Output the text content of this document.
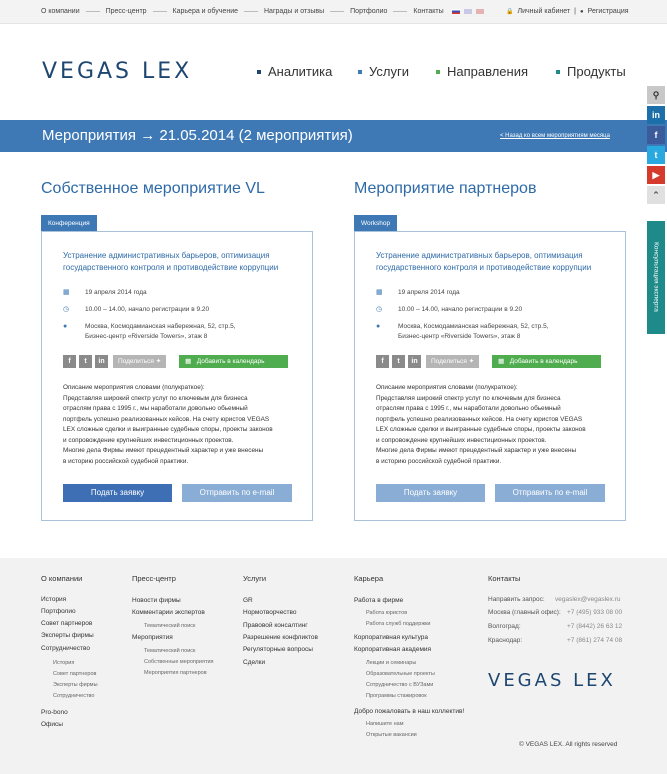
О компании	Пресс-центр	Карьера и обучение	Награды и отзывы	Портфолио	Контакты	🔒 Личный кабинет | ● Регистрация
VEGAS LEX	Аналитика	Услуги	Направления	Продукты
Мероприятия → 21.05.2014 (2 мероприятия)	< Назад ко всем мероприятиям месяца
Собственное мероприятие VL
Конференция
Устранение административных барьеров, оптимизация государственного контроля и противодействие коррупции
▦ 19 апреля 2014 года
◷ 10.00 – 14.00, начало регистрации в 9.20
●	Москва, Космодамианская набережная, 52, стр.5,
Бизнес-центр «Riverside Towers», этаж 8
f	t	in	Поделиться ✦	▦ Добавить в календарь
Описание мероприятия словами (полукраткое):
Представляя широкий спектр услуг по ключевым для бизнеса
отраслям права с 1995 г., мы наработали довольно обьемный
портфель успешно реализованных кейсов. На счету юристов VEGAS
LEX сложные сделки и выигранные судебные споры, проекты законов
и сопровождение крупнейших инвестиционных проектов.
Многие дела Фирмы имеют прецедентный характер и уже внесены
в историю российской судебной практики.
Подать заявку	Отправить по e-mail
Мероприятие партнеров
Workshop
Устранение административных барьеров, оптимизация государственного контроля и противодействие коррупции
▦ 19 апреля 2014 года
◷ 10.00 – 14.00, начало регистрации в 9.20
●	Москва, Космодамианская набережная, 52, стр.5,
Бизнес-центр «Riverside Towers», этаж 8
f	t	in	Поделиться ✦	▦ Добавить в календарь
Описание мероприятия словами (полукраткое):
Представляя широкий спектр услуг по ключевым для бизнеса
отраслям права с 1995 г., мы наработали довольно обьемный
портфель успешно реализованных кейсов. На счету юристов VEGAS
LEX сложные сделки и выигранные судебные споры, проекты законов
и сопровождение крупнейших инвестиционных проектов.
Многие дела Фирмы имеют прецедентный характер и уже внесены
в историю российской судебной практики.
Подать заявку	Отправить по e-mail
⚲
in
f
t
▶
⌃
Консультация эксперта
О компании
История
Портфолио
Совет партнеров
Эксперты фирмы
Сотрудничество
История
Совет партнеров
Эксперты фирмы
Сотрудничество
Pro-bono
Офисы
Пресс-центр
Новости фирмы
Комментарии экспертов
Тематический поиск
Мероприятия
Тематический поиск
Собственные мероприятия
Мероприятия партнеров
Услуги
GR
Нормотворчество
Правовой консалтинг
Разрешение конфликтов
Регуляторные вопросы
Сделки
Карьера
Работа в фирме
Работа юристов
Работа служб поддержки
Корпоративная культура
Корпоративная академия
Лекции и семинары
Образовательные проекты
Сотрудничество с ВУЗами
Программы стажировок
Добро пожаловать в наш коллектив!
Напишите нам
Открытые вакансии
Контакты
Направить запрос: vegaslex@vegaslex.ru
Москва (главный офис): +7 (495) 933 08 00
Волгоград:	+7 (8442) 26 63 12
Краснодар:	+7 (861) 274 74 08
VEGAS LEX
© VEGAS LEX. All rights reserved
